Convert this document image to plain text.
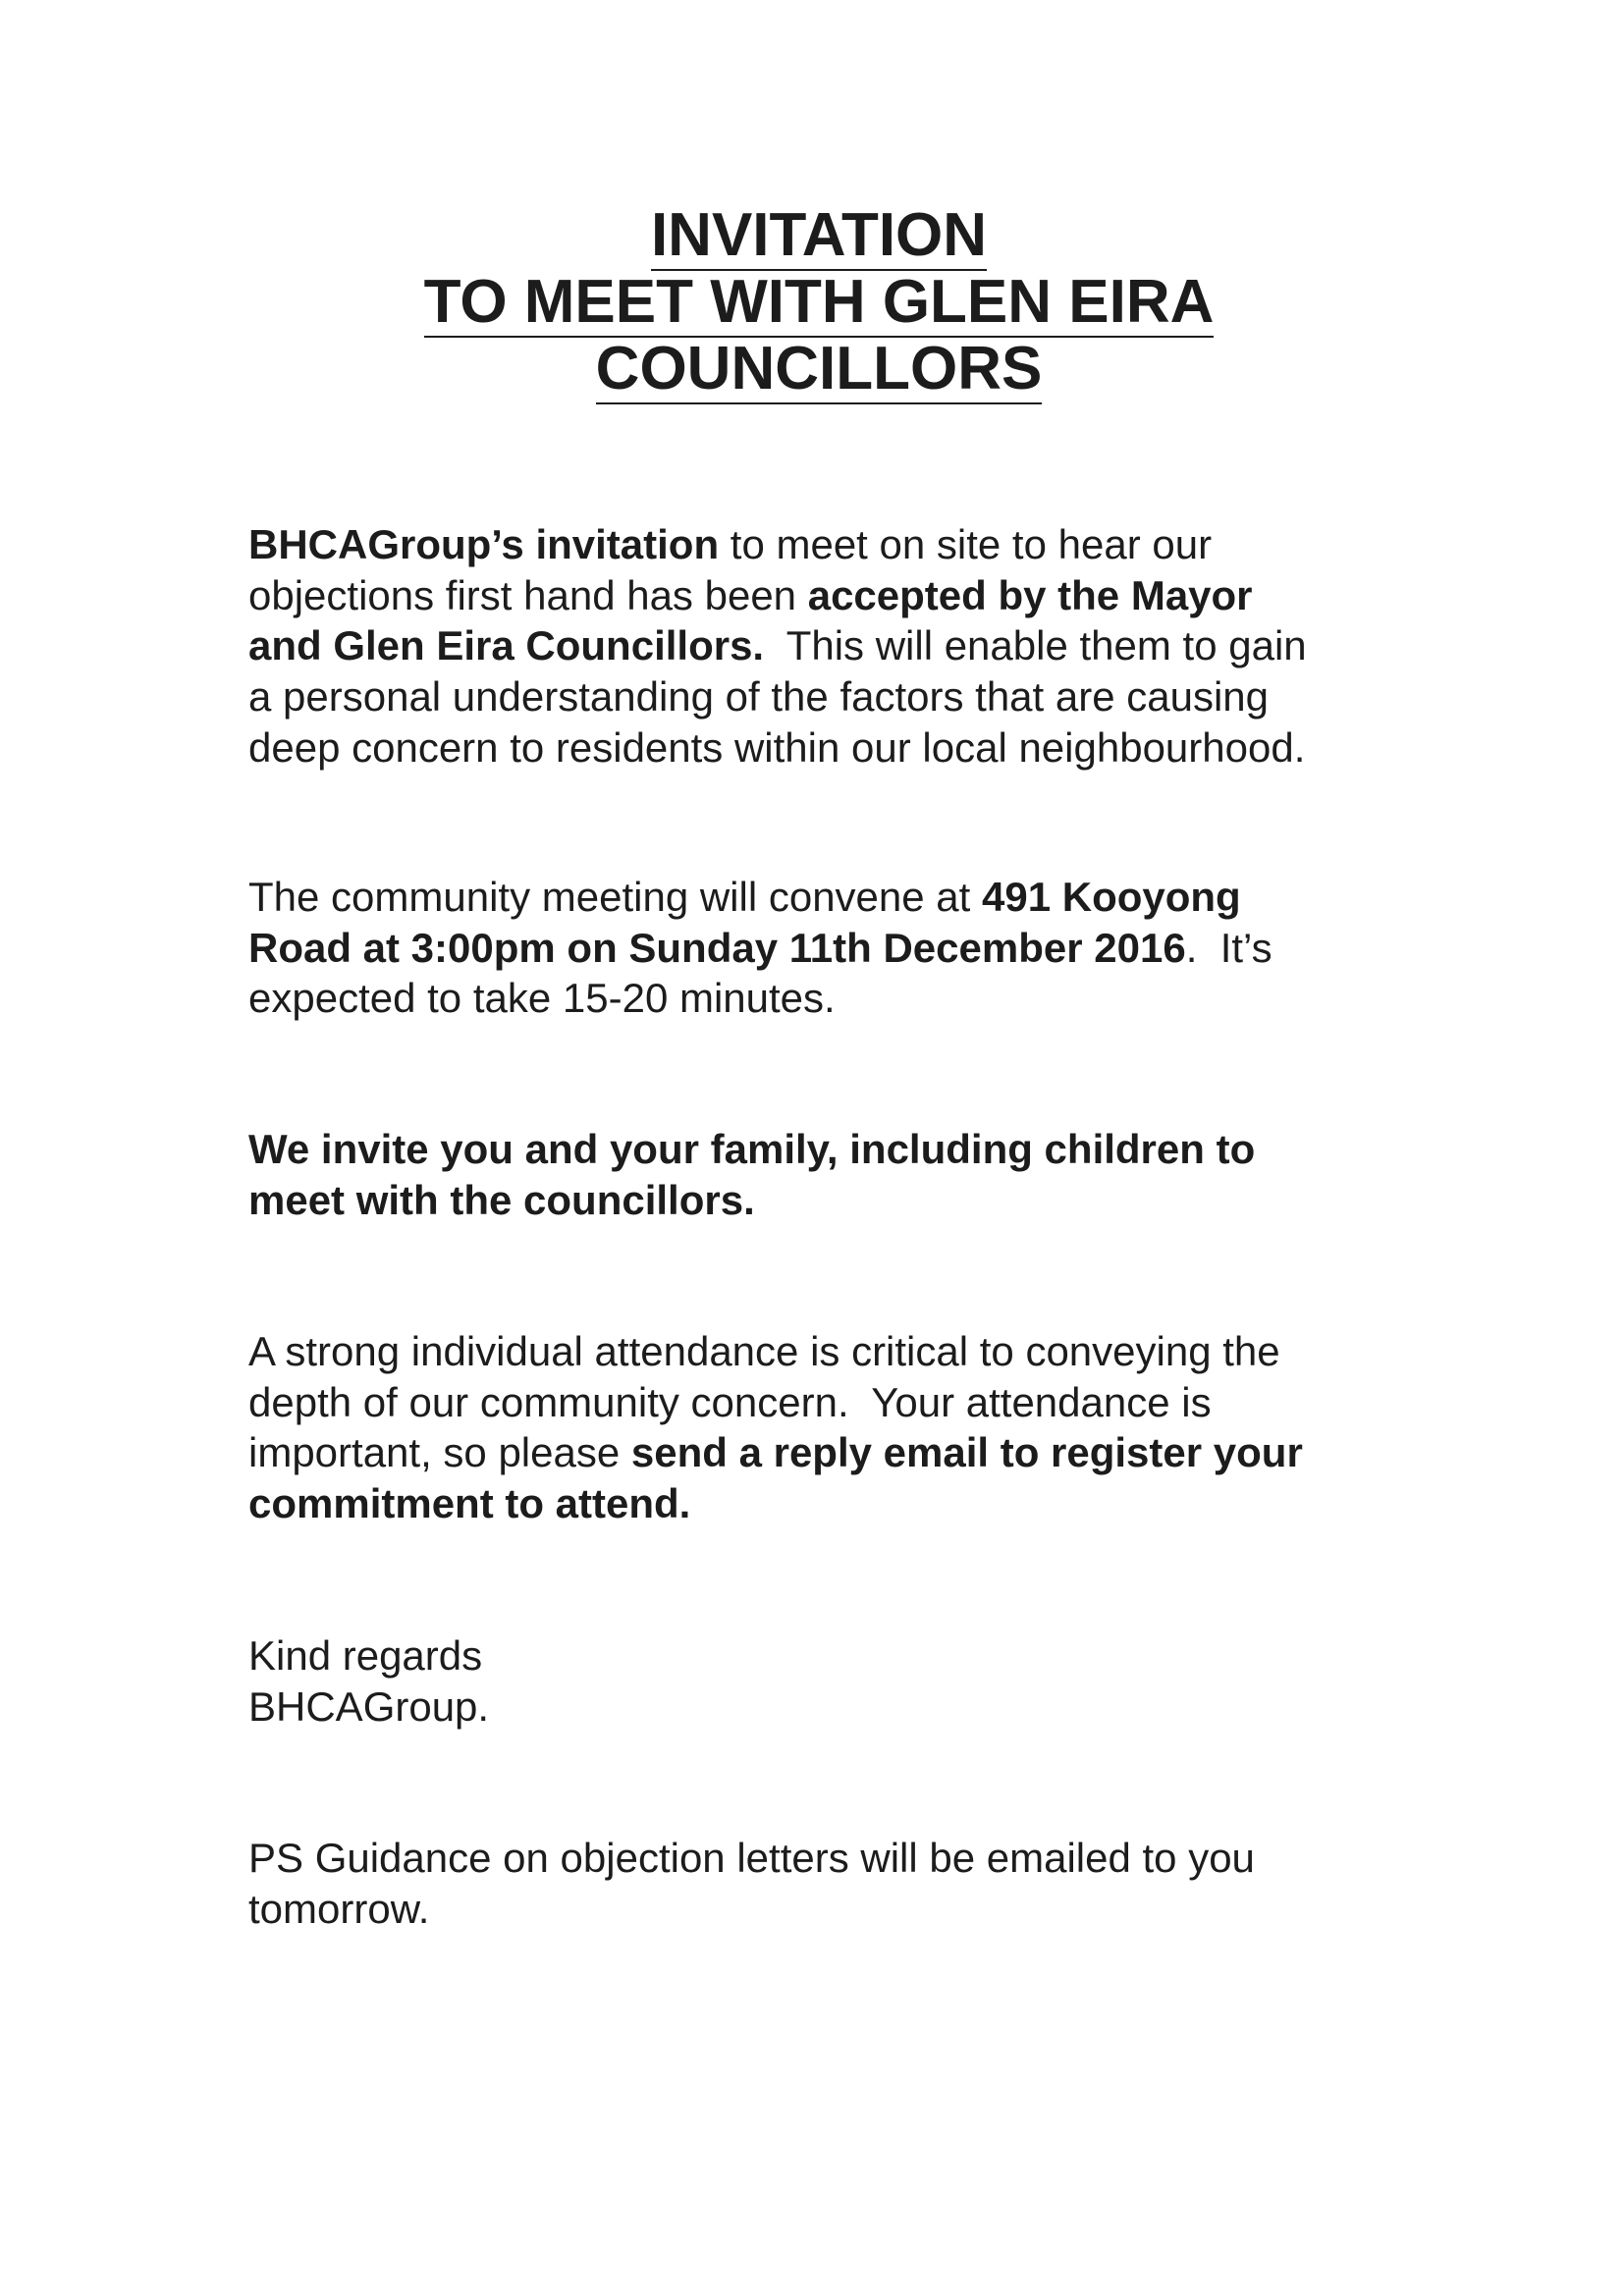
INVITATION
TO MEET WITH GLEN EIRA
COUNCILLORS

BHCAGroup’s invitation to meet on site to hear our
objections first hand has been accepted by the Mayor
and Glen Eira Councillors.  This will enable them to gain
a personal understanding of the factors that are causing
deep concern to residents within our local neighbourhood.

The community meeting will convene at 491 Kooyong
Road at 3:00pm on Sunday 11th December 2016.  It’s
expected to take 15-20 minutes.

We invite you and your family, including children to
meet with the councillors.

A strong individual attendance is critical to conveying the
depth of our community concern.  Your attendance is
important, so please send a reply email to register your
commitment to attend.

Kind regards
BHCAGroup.

PS Guidance on objection letters will be emailed to you
tomorrow.
